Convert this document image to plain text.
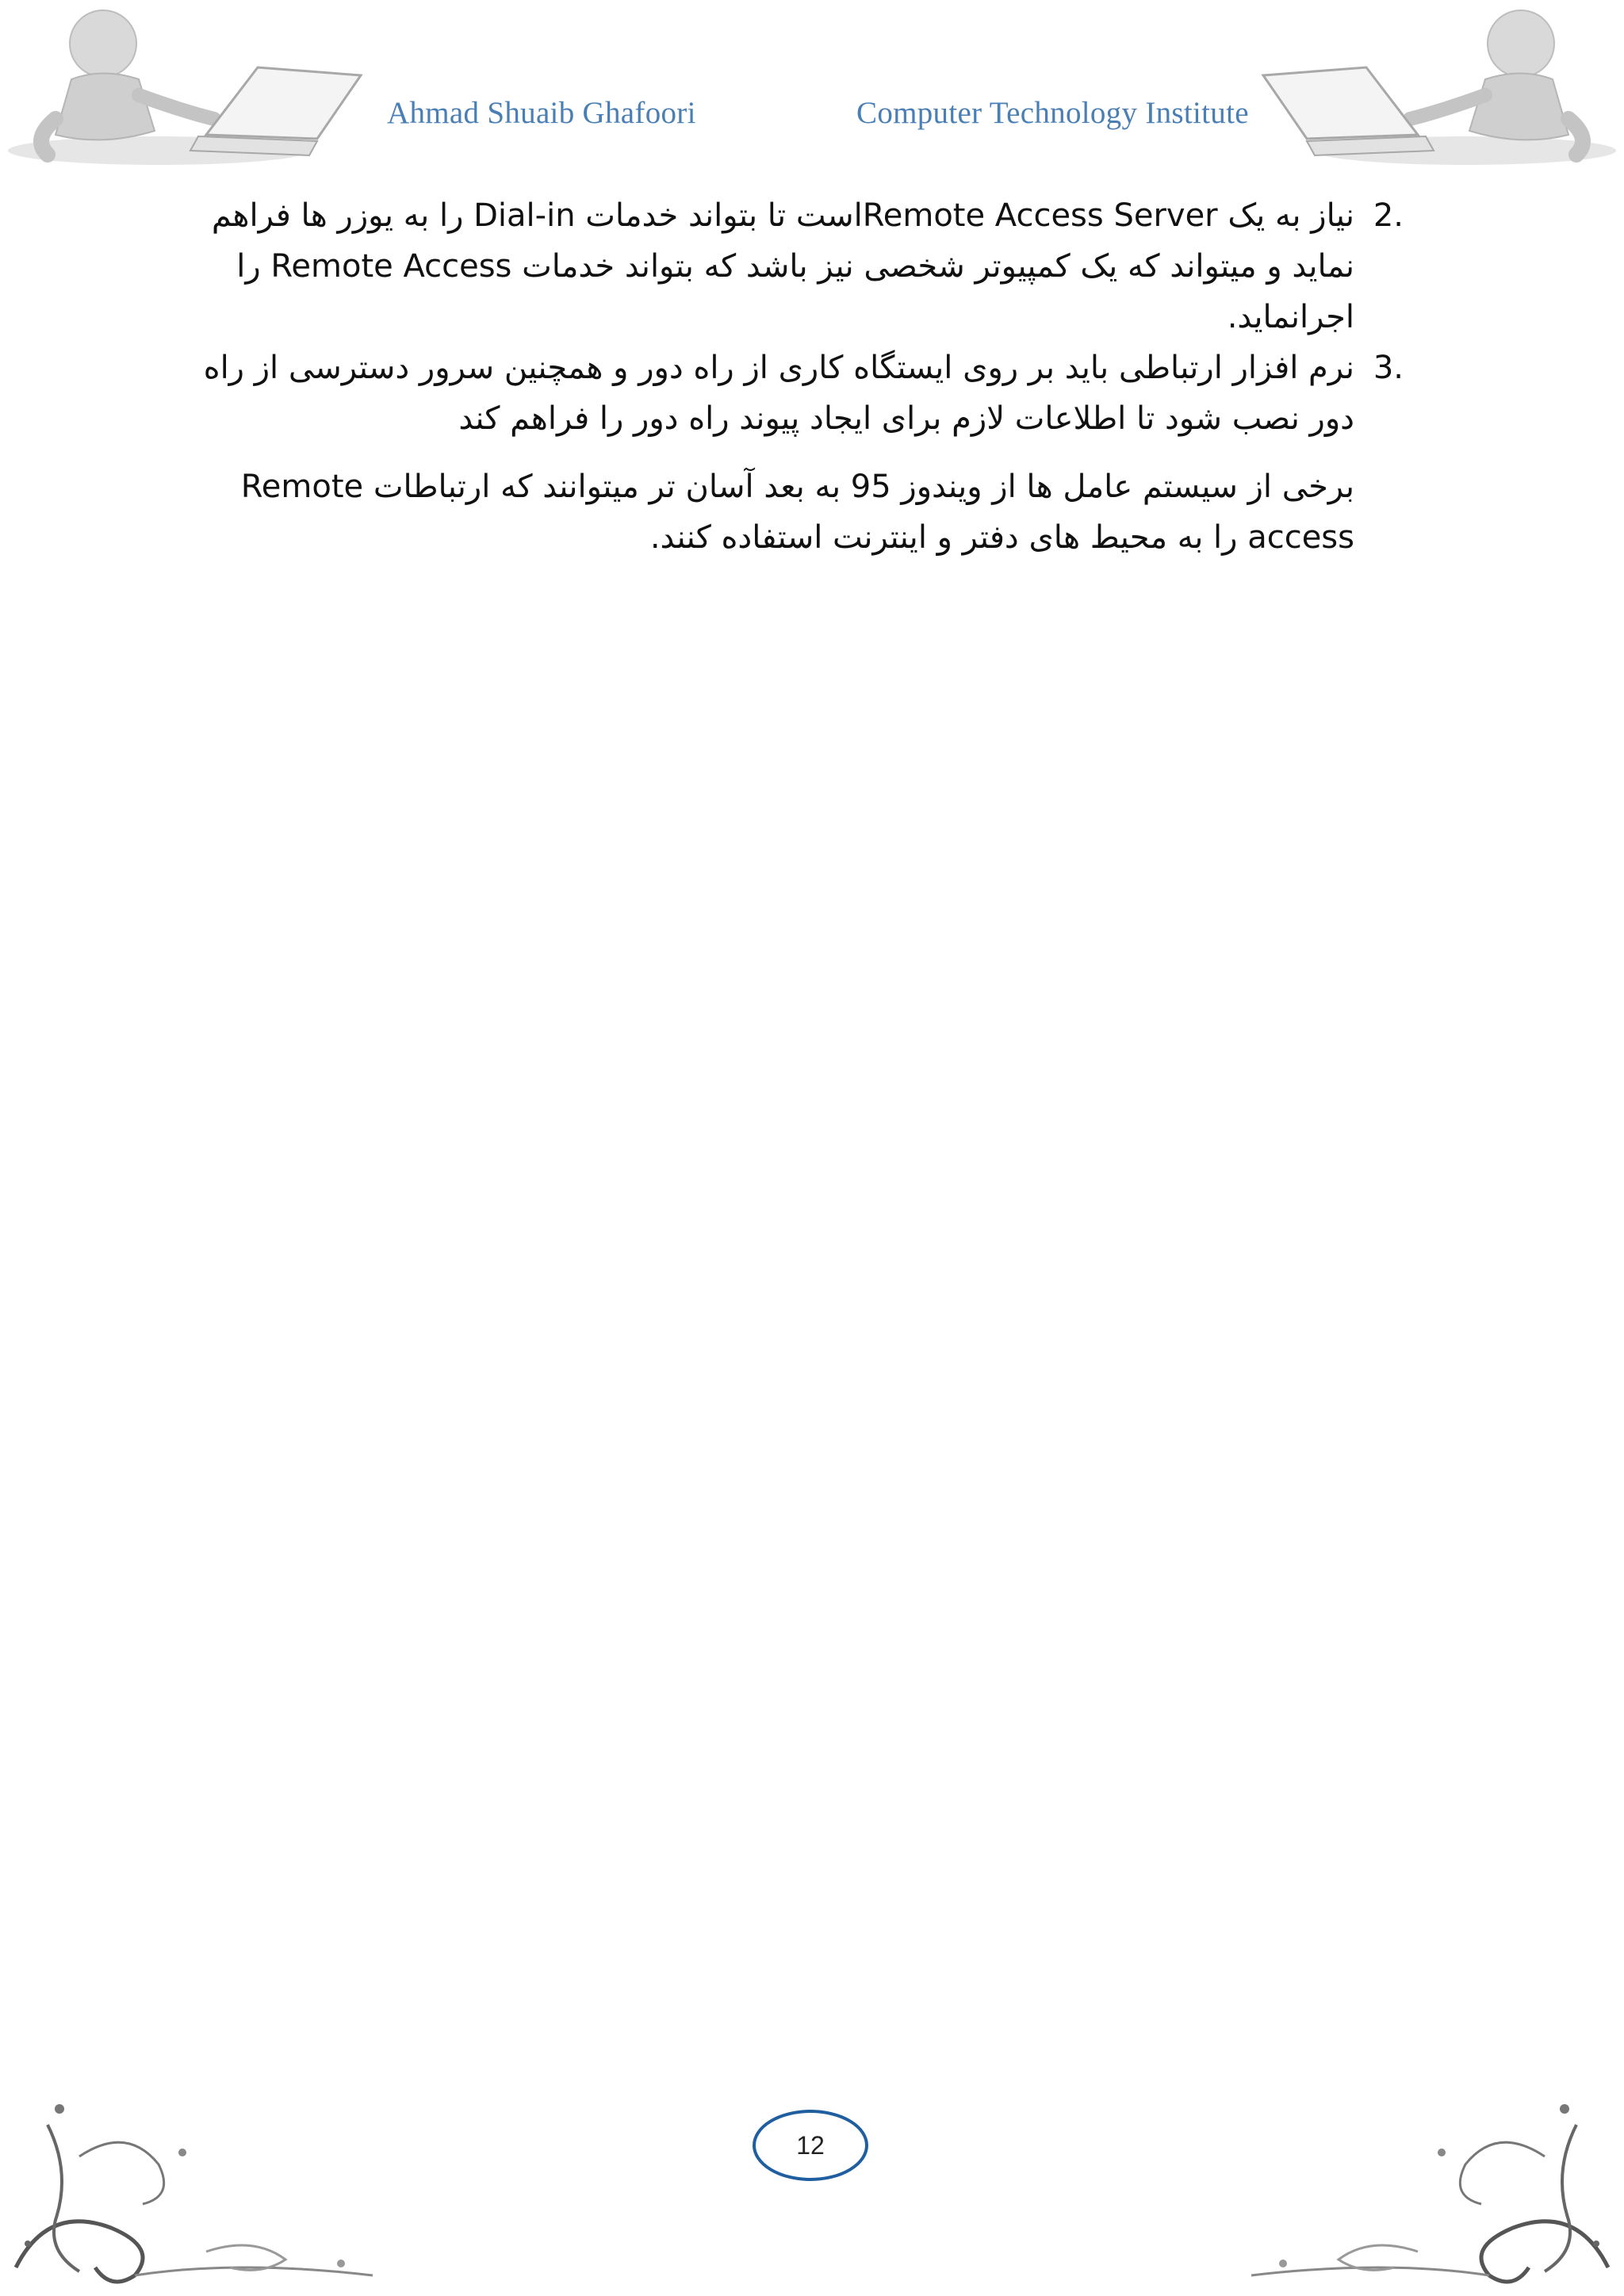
Ahmad Shuaib Ghafoori	Computer Technology Institute
2.
نیاز به یک Remote Access Serverاست تا بتواند خدمات Dial-in را به یوزر ها فراهم نماید و میتواند که یک کمپیوتر شخصی نیز باشد که بتواند خدمات Remote Access را اجرانماید.
3.
نرم افزار ارتباطی باید بر روی ایستگاه کاری از راه دور و همچنین سرور دسترسی از راه دور نصب شود تا اطلاعات لازم برای ایجاد پیوند راه دور را فراهم کند
برخی از سیستم عامل ها از ویندوز 95 به بعد آسان تر میتوانند که ارتباطات Remote access را به محیط های دفتر و اینترنت استفاده کنند.
12
